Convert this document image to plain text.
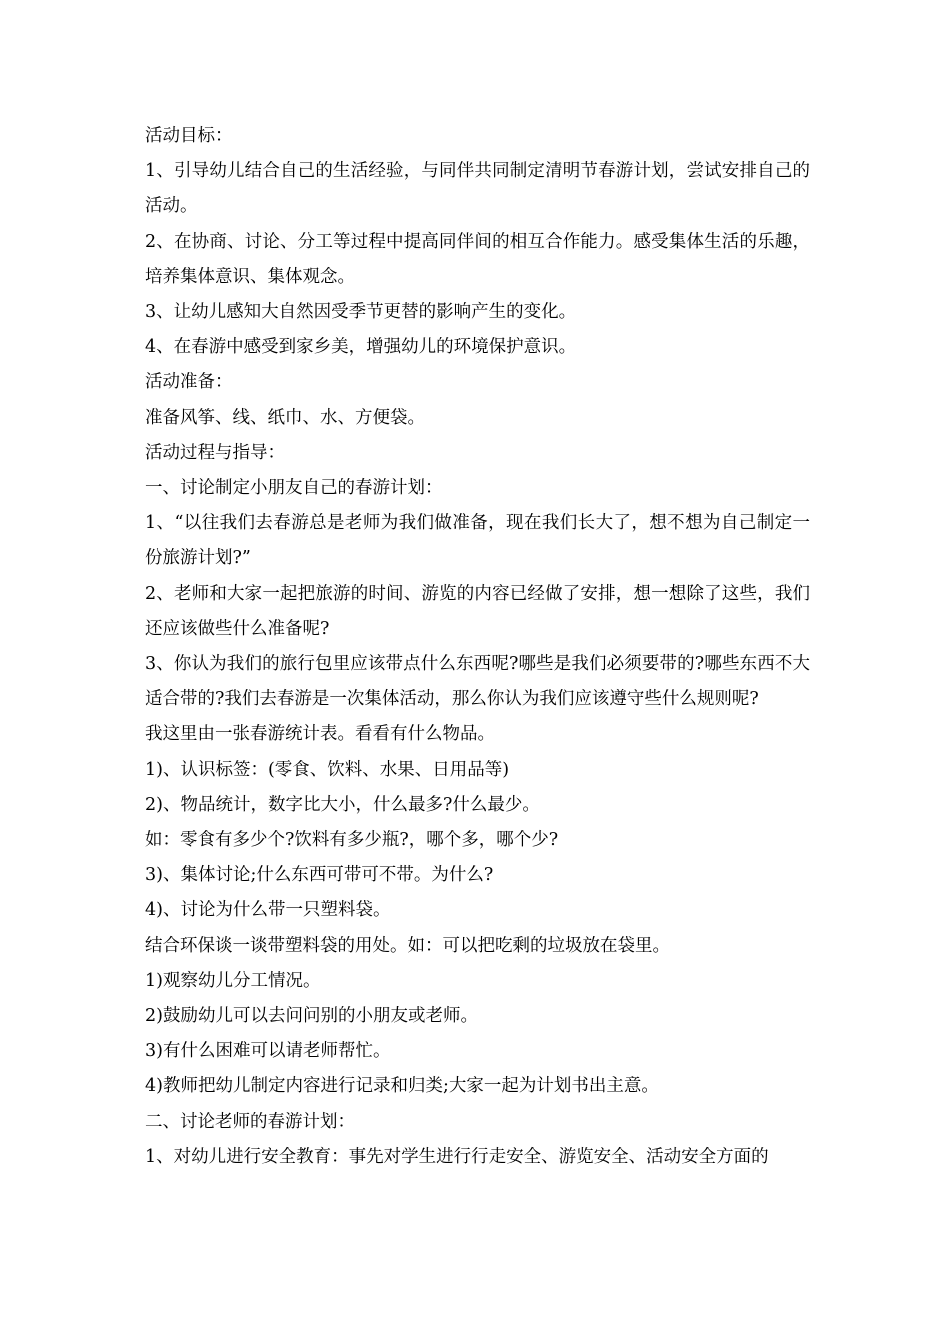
活动目标：

1、引导幼儿结合自己的生活经验，与同伴共同制定清明节春游计划，尝试安排自己的活动。

2、在协商、讨论、分工等过程中提高同伴间的相互合作能力。感受集体生活的乐趣，培养集体意识、集体观念。

3、让幼儿感知大自然因受季节更替的影响产生的变化。

4、在春游中感受到家乡美，增强幼儿的环境保护意识。

活动准备：

准备风筝、线、纸巾、水、方便袋。

活动过程与指导：

一、讨论制定小朋友自己的春游计划：

1、“以往我们去春游总是老师为我们做准备，现在我们长大了，想不想为自己制定一份旅游计划?”

2、老师和大家一起把旅游的时间、游览的内容已经做了安排，想一想除了这些，我们还应该做些什么准备呢?

3、你认为我们的旅行包里应该带点什么东西呢?哪些是我们必须要带的?哪些东西不大适合带的?我们去春游是一次集体活动，那么你认为我们应该遵守些什么规则呢?

我这里由一张春游统计表。看看有什么物品。

1)、认识标签：(零食、饮料、水果、日用品等)

2)、物品统计，数字比大小，什么最多?什么最少。

如：零食有多少个?饮料有多少瓶?，哪个多，哪个少?

3)、集体讨论;什么东西可带可不带。为什么?

4)、讨论为什么带一只塑料袋。

结合环保谈一谈带塑料袋的用处。如：可以把吃剩的垃圾放在袋里。

1)观察幼儿分工情况。

2)鼓励幼儿可以去问问别的小朋友或老师。

3)有什么困难可以请老师帮忙。

4)教师把幼儿制定内容进行记录和归类;大家一起为计划书出主意。

二、讨论老师的春游计划：

1、对幼儿进行安全教育：事先对学生进行行走安全、游览安全、活动安全方面的
